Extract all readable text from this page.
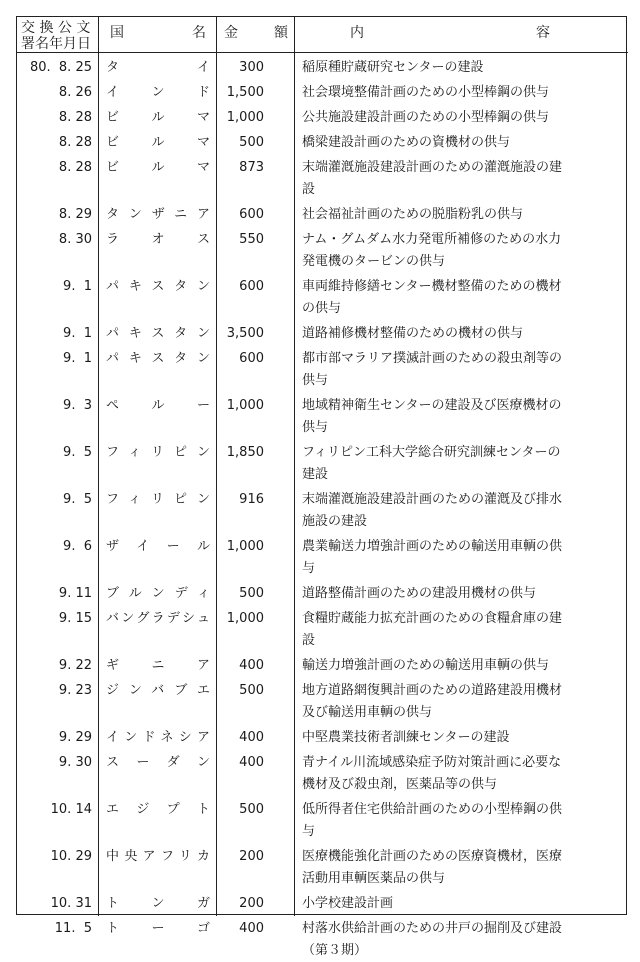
交 換 公 文
署名年月日
国　名 金　額	内　容
80.  8. 25 タ　イ 300	稲原種貯蔵研究センターの建設
8. 26 イ ン ド 1,500	社会環境整備計画のための小型棒鋼の供与
8. 28 ビ ル マ 1,000	公共施設建設計画のための小型棒鋼の供与
8. 28 ビ ル マ 500	橋梁建設計画のための資機材の供与
8. 28 ビ ル マ 873	末端灌漑施設建設計画のための灌漑施設の建
設
8. 29 タンザニア 600	社会福祉計画のための脱脂粉乳の供与
8. 30 ラ オ ス 550	ナム・グムダム水力発電所補修のための水力
発電機のタービンの供与
9.  1 パキスタン 600	車両維持修繕センター機材整備のための機材
の供与
9.  1 パキスタン 3,500	道路補修機材整備のための機材の供与
9.  1 パキスタン 600	都市部マラリア撲滅計画のための殺虫剤等の
供与
9.  3 ペ ル ー 1,000	地域精神衛生センターの建設及び医療機材の
供与
9.  5 フィリピン 1,850	フィリピン工科大学総合研究訓練センターの
建設
9.  5 フィリピン 916	末端灌漑施設建設計画のための灌漑及び排水
施設の建設
9.  6 ザ イ ー ル 1,000	農業輸送力増強計画のための輸送用車輌の供
与
9. 11 ブルンディ 500	道路整備計画のための建設用機材の供与
9. 15 バングラデシュ 1,000	食糧貯蔵能力拡充計画のための食糧倉庫の建
設
9. 22 ギ ニ ア 400	輸送力増強計画のための輸送用車輌の供与
9. 23 ジンバブエ 500	地方道路網復興計画のための道路建設用機材
及び輸送用車輌の供与
9. 29 インドネシア 400	中堅農業技術者訓練センターの建設
9. 30 ス ー ダ ン 400	青ナイル川流域感染症予防対策計画に必要な
機材及び殺虫剤，医薬品等の供与
10. 14 エ ジ プ ト 500	低所得者住宅供給計画のための小型棒鋼の供
与
10. 29 中央アフリカ 200	医療機能強化計画のための医療資機材，医療
活動用車輌医薬品の供与
10. 31 ト ン ガ 200	小学校建設計画
11.  5 ト ー ゴ 400	村落水供給計画のための井戸の掘削及び建設
（第３期）
